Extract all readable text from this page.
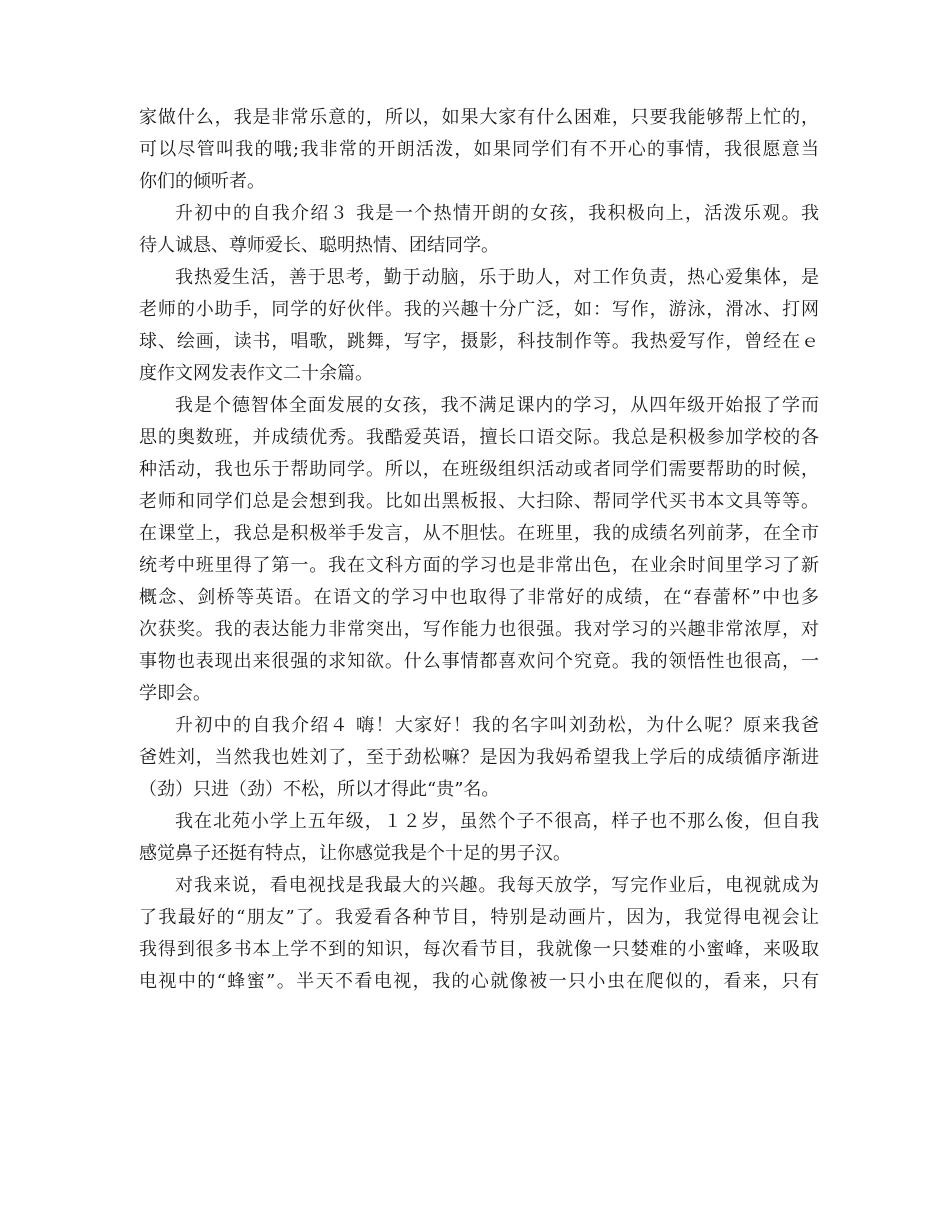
家做什么，我是非常乐意的，所以，如果大家有什么困难，只要我能够帮上忙的，
可以尽管叫我的哦;我非常的开朗活泼，如果同学们有不开心的事情，我很愿意当
你们的倾听者。
升初中的自我介绍３ 我是一个热情开朗的女孩，我积极向上，活泼乐观。我
待人诚恳、尊师爱长、聪明热情、团结同学。
我热爱生活，善于思考，勤于动脑，乐于助人，对工作负责，热心爱集体，是
老师的小助手，同学的好伙伴。我的兴趣十分广泛，如：写作，游泳，滑冰、打网
球、绘画，读书，唱歌，跳舞，写字，摄影，科技制作等。我热爱写作，曾经在ｅ
度作文网发表作文二十余篇。
我是个德智体全面发展的女孩，我不满足课内的学习，从四年级开始报了学而
思的奥数班，并成绩优秀。我酷爱英语，擅长口语交际。我总是积极参加学校的各
种活动，我也乐于帮助同学。所以，在班级组织活动或者同学们需要帮助的时候，
老师和同学们总是会想到我。比如出黑板报、大扫除、帮同学代买书本文具等等。
在课堂上，我总是积极举手发言，从不胆怯。在班里，我的成绩名列前茅，在全市
统考中班里得了第一。我在文科方面的学习也是非常出色，在业余时间里学习了新
概念、剑桥等英语。在语文的学习中也取得了非常好的成绩，在“春蕾杯”中也多
次获奖。我的表达能力非常突出，写作能力也很强。我对学习的兴趣非常浓厚，对
事物也表现出来很强的求知欲。什么事情都喜欢问个究竟。我的领悟性也很高，一
学即会。
升初中的自我介绍４ 嗨！大家好！我的名字叫刘劲松，为什么呢？原来我爸
爸姓刘，当然我也姓刘了，至于劲松嘛？是因为我妈希望我上学后的成绩循序渐进
（劲）只进（劲）不松，所以才得此“贵”名。
我在北苑小学上五年级，１２岁，虽然个子不很高，样子也不那么俊，但自我
感觉鼻子还挺有特点，让你感觉我是个十足的男子汉。
对我来说，看电视找是我最大的兴趣。我每天放学，写完作业后，电视就成为
了我最好的“朋友”了。我爱看各种节目，特别是动画片，因为，我觉得电视会让
我得到很多书本上学不到的知识，每次看节目，我就像一只婪难的小蜜峰，来吸取
电视中的“蜂蜜”。半天不看电视，我的心就像被一只小虫在爬似的，看来，只有
